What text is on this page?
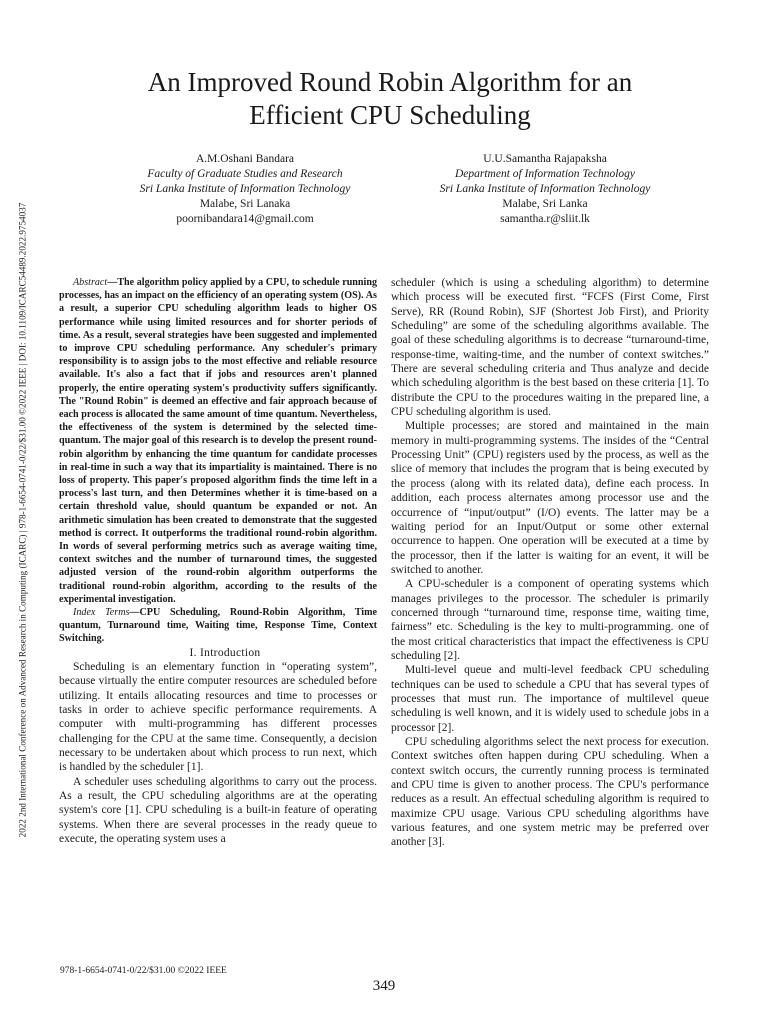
2022 2nd International Conference on Advanced Research in Computing (ICARC) | 978-1-6654-0741-0/22/$31.00 ©2022 IEEE | DOI: 10.1109/ICARC54489.2022.9754037
An Improved Round Robin Algorithm for an
Efficient CPU Scheduling
A.M.Oshani Bandara
Faculty of Graduate Studies and Research
Sri Lanka Institute of Information Technology
Malabe, Sri Lanaka
poornibandara14@gmail.com
U.U.Samantha Rajapaksha
Department of Information Technology
Sri Lanka Institute of Information Technology
Malabe, Sri Lanka
samantha.r@sliit.lk

Abstract—The algorithm policy applied by a CPU, to schedule running processes, has an impact on the efficiency of an operating system (OS). As a result, a superior CPU scheduling algorithm leads to higher OS performance while using limited resources and for shorter periods of time. As a result, several strategies have been suggested and implemented to improve CPU scheduling performance. Any scheduler's primary responsibility is to assign jobs to the most effective and reliable resource available. It's also a fact that if jobs and resources aren't planned properly, the entire operating system's productivity suffers significantly. The "Round Robin" is deemed an effective and fair approach because of each process is allocated the same amount of time quantum. Nevertheless, the effectiveness of the system is determined by the selected time-quantum. The major goal of this research is to develop the present round-robin algorithm by enhancing the time quantum for candidate processes in real-time in such a way that its impartiality is maintained. There is no loss of property. This paper's proposed algorithm finds the time left in a process's last turn, and then Determines whether it is time-based on a certain threshold value, should quantum be expanded or not. An arithmetic simulation has been created to demonstrate that the suggested method is correct. It outperforms the traditional round-robin algorithm. In words of several performing metrics such as average waiting time, context switches and the number of turnaround times, the suggested adjusted version of the round-robin algorithm outperforms the traditional round-robin algorithm, according to the results of the experimental investigation.

Index Terms—CPU Scheduling, Round-Robin Algorithm, Time quantum, Turnaround time, Waiting time, Response Time, Context Switching.

I. Introduction

Scheduling is an elementary function in “operating system”, because virtually the entire computer resources are scheduled before utilizing. It entails allocating resources and time to processes or tasks in order to achieve specific performance requirements. A computer with multi-programming has different processes challenging for the CPU at the same time. Consequently, a decision necessary to be undertaken about which process to run next, which is handled by the scheduler [1].

A scheduler uses scheduling algorithms to carry out the process. As a result, the CPU scheduling algorithms are at the operating system's core [1]. CPU scheduling is a built-in feature of operating systems. When there are several processes in the ready queue to execute, the operating system uses a

scheduler (which is using a scheduling algorithm) to determine which process will be executed first. “FCFS (First Come, First Serve), RR (Round Robin), SJF (Shortest Job First), and Priority Scheduling” are some of the scheduling algorithms available. The goal of these scheduling algorithms is to decrease “turnaround-time, response-time, waiting-time, and the number of context switches.” There are several scheduling criteria and Thus analyze and decide which scheduling algorithm is the best based on these criteria [1]. To distribute the CPU to the procedures waiting in the prepared line, a CPU scheduling algorithm is used.

Multiple processes; are stored and maintained in the main memory in multi-programming systems. The insides of the “Central Processing Unit” (CPU) registers used by the process, as well as the slice of memory that includes the program that is being executed by the process (along with its related data), define each process. In addition, each process alternates among processor use and the occurrence of “input/output” (I/O) events. The latter may be a waiting period for an Input/Output or some other external occurrence to happen. One operation will be executed at a time by the processor, then if the latter is waiting for an event, it will be switched to another.

A CPU-scheduler is a component of operating systems which manages privileges to the processor. The scheduler is primarily concerned through “turnaround time, response time, waiting time, fairness” etc. Scheduling is the key to multi-programming. one of the most critical characteristics that impact the effectiveness is CPU scheduling [2].

Multi-level queue and multi-level feedback CPU scheduling techniques can be used to schedule a CPU that has several types of processes that must run. The importance of multilevel queue scheduling is well known, and it is widely used to schedule jobs in a processor [2].

CPU scheduling algorithms select the next process for execution. Context switches often happen during CPU scheduling. When a context switch occurs, the currently running process is terminated and CPU time is given to another process. The CPU's performance reduces as a result. An effectual scheduling algorithm is required to maximize CPU usage. Various CPU scheduling algorithms have various features, and one system metric may be preferred over another [3].

978-1-6654-0741-0/22/$31.00 ©2022 IEEE
349
